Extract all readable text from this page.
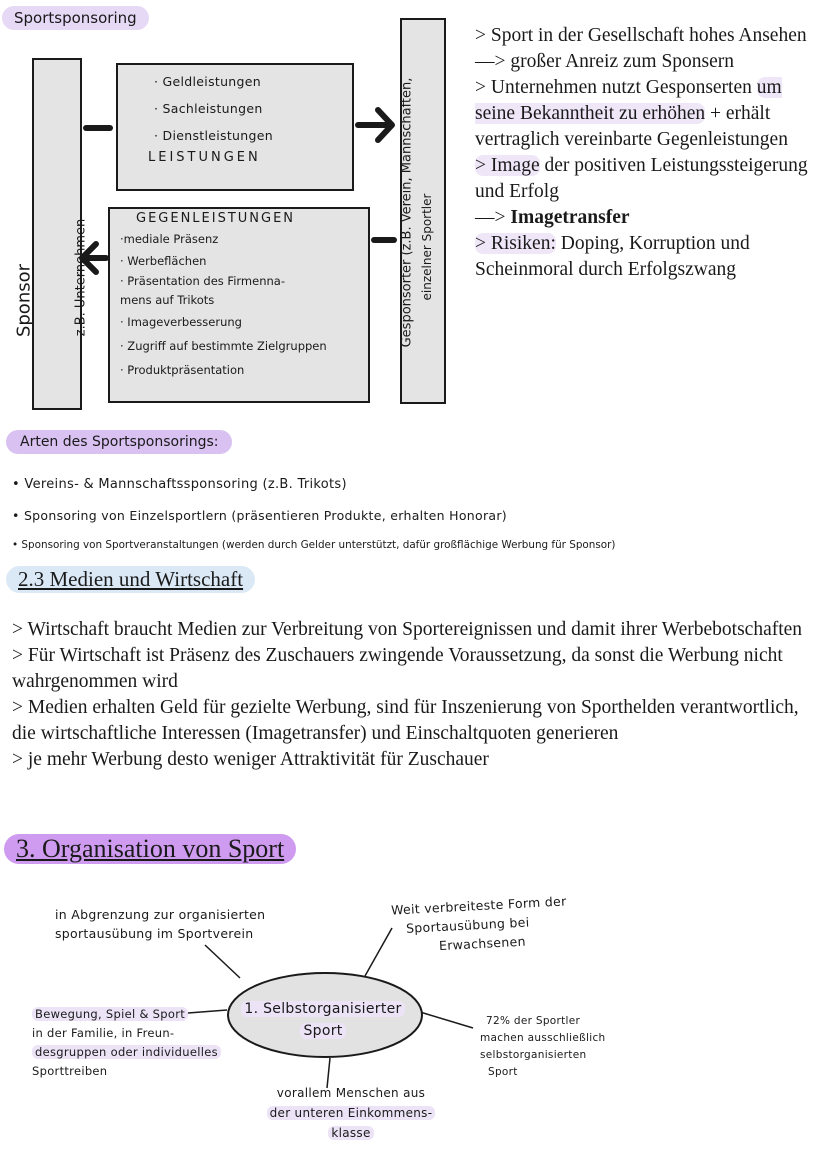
Sportsponsoring
Sponsor	z.B. Unternehmen	Gesponsorter (z.B. Verein, Mannschaften, einzelner Sportler
· Geldleistungen
· Sachleistungen
· Dienstleistungen
LEISTUNGEN
GEGENLEISTUNGEN
·mediale Präsenz
· Werbeflächen
· Präsentation des Firmenna-
mens auf Trikots
· Imageverbesserung
· Zugriff auf bestimmte Zielgruppen
· Produktpräsentation
> Sport in der Gesellschaft hohes Ansehen —> großer Anreiz zum Sponsern
> Unternehmen nutzt Gesponserten um seine Bekanntheit zu erhöhen + erhält vertraglich vereinbarte Gegenleistungen
> Image der positiven Leistungssteigerung und Erfolg
—> Imagetransfer
> Risiken: Doping, Korruption und Scheinmoral durch Erfolgszwang
Arten des Sportsponsorings:
• Vereins- & Mannschaftssponsoring (z.B. Trikots)
• Sponsoring von Einzelsportlern (präsentieren Produkte, erhalten Honorar)
• Sponsoring von Sportveranstaltungen (werden durch Gelder unterstützt, dafür großflächige Werbung für Sponsor)
2.3 Medien und Wirtschaft
> Wirtschaft braucht Medien zur Verbreitung von Sportereignissen und damit ihrer Werbebotschaften
> Für Wirtschaft ist Präsenz des Zuschauers zwingende Voraussetzung, da sonst die Werbung nicht wahrgenommen wird
> Medien erhalten Geld für gezielte Werbung, sind für Inszenierung von Sporthelden verantwortlich, die wirtschaftliche Interessen (Imagetransfer) und Einschaltquoten generieren
> je mehr Werbung desto weniger Attraktivität für Zuschauer
3. Organisation von Sport
1. Selbstorganisierter
Sport
in Abgrenzung zur organisierten
sportausübung im Sportverein
Weit verbreiteste Form der
Sportausübung bei
Erwachsenen
Bewegung, Spiel & Sport
in der Familie, in Freun-
desgruppen oder individuelles
Sporttreiben
72% der Sportler
machen ausschließlich
selbstorganisierten
Sport
vorallem Menschen aus
der unteren Einkommens-
klasse
